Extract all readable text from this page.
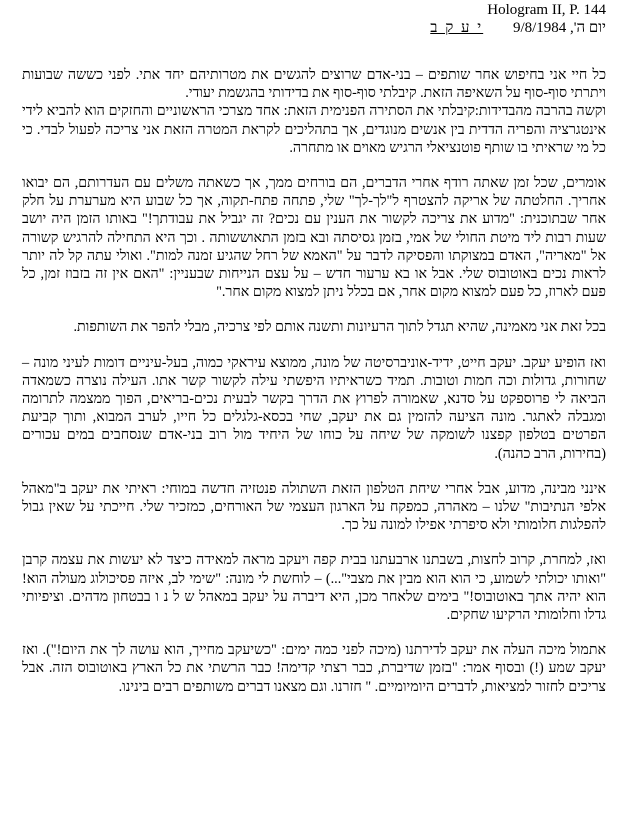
Hologram II, P. 144
יום ה', 9/8/1984 י ע ק ב

כל חיי אני בחיפוש אחר שותפים – בני-אדם שרוצים להגשים את מטרותיהם יחד אתי. לפני כששה שבועות ויתרתי סוף-סוף על השאיפה הזאת. קיבלתי סוף-סוף את בדידותי בהגשמת יעודי.
וקשה בהרבה מהבדידות:קיבלתי את הסתירה הפנימית הזאת: אחד מצרכי הראשוניים והחזקים הוא להביא לידי אינטגרציה והפריה הדדית בין אנשים מנוגדים, אך בתהליכים לקראת המטרה הזאת אני צריכה לפעול לבדי. כי כל מי שראיתי בו שותף פוטנציאלי הרגיש מאוים או מתחרה.

אומרים, שכל זמן שאתה רודף אחרי הדברים, הם בורחים ממך, אך כשאתה משלים עם העדרותם, הם יבואו אחריך. החלטתה של אריקה להצטרף ל"לך-לך" שלי, פתחה פתח-תקוה, אך כל שבוע היא מערערת על חלק אחר שבתוכנית: "מדוע את צריכה לקשור את הענין עם נכים? זה יגביל את עבודתך!" באותו הזמן היה יושב שעות רבות ליד מיטת החולי של אמי, בזמן גסיסתה ובא בזמן התאוששותה . וכך היא התחילה להרגיש קשורה אל "מאריה", האדם במצוקתו והפסיקה לדבר על "האמא של רחל שהגיע זמנה למות". ואולי עתה קל לה יותר לראות נכים באוטובוס שלי. אבל או בא ערעור חדש – על עצם הנייחות שבעניין: "האם אין זה בזבוז זמן, כל פעם לארוז, כל פעם למצוא מקום אחר, אם בכלל ניתן למצוא מקום אחר."

בכל זאת אני מאמינה, שהיא תגדל לתוך הרעיונות ותשנה אותם לפי צרכיה, מבלי להפר את השותפות.

ואז הופיע יעקב. יעקב חייט, ידיד-אוניברסיטה של מונה, ממוצא עיראקי כמוה, בעל-עיניים דומות לעיני מונה – שחורות, גדולות וכה חמות וטובות. תמיד כשראיתיו היפשתי עילה לקשור קשר אתו. העילה נוצרה כשמאדה הביאה לי פרוספקט על סדנא, שאמורה לפרוץ את הדרך בקשר לבעית נכים-בריאים, הפוך ממצמה לתרומה ומגבלה לאתגר. מונה הציעה להזמין גם את יעקב, שחי בכסא-גלגלים כל חייו, לערב המבוא, ותוך קביעת הפרטים בטלפון קפצנו לשומקה של שיחה על כוחו של היחיד מול רוב בני-אדם שנסחבים במים עכורים (בחירות, הרב כהנה).

אינני מבינה, מדוע, אבל אחרי שיחת הטלפון הזאת השתולה פנטזיה חדשה במוחי: ראיתי את יעקב ב"מאהל אלפי הנתיבות" שלנו – מאהרה, כמפקח על הארגון העצמי של האורחים, כמזכיר שלי. חייכתי על שאין גבול להפלגות חלומותי ולא סיפרתי אפילו למונה על כך.

ואז, למחרת, קרוב לחצות, בשבתנו ארבעתנו בבית קפה ויעקב מראה למאידה כיצד לא יעשות את עצמה קרבן "ואותו יכולתי לשמוע, כי הוא הוא מבין את מצבי"...) – לוחשת לי מונה: "שימי לב, איזה פסיכולוג מעולה הוא! הוא יהיה אתך באוטובוס!" בימים שלאחר מכן, היא דיברה על יעקב במאהל ש ל נ ו בבטחון מדהים. וציפיותי גדלו וחלומותי הרקיעו שחקים.

אתמול מיכה העלה את יעקב לדירתנו (מיכה לפני כמה ימים: "כשיעקב מחייך, הוא עושה לך את היום!"). ואז יעקב שמע (!) ובסוף אמר: "בזמן שדיברת, כבר רצתי קדימה! כבר הרשתי את כל הארץ באוטובוס הזה. אבל צריכים לחזור למציאות, לדברים היומיומיים. " חזרנו. וגם מצאנו דברים משותפים רבים בינינו.
